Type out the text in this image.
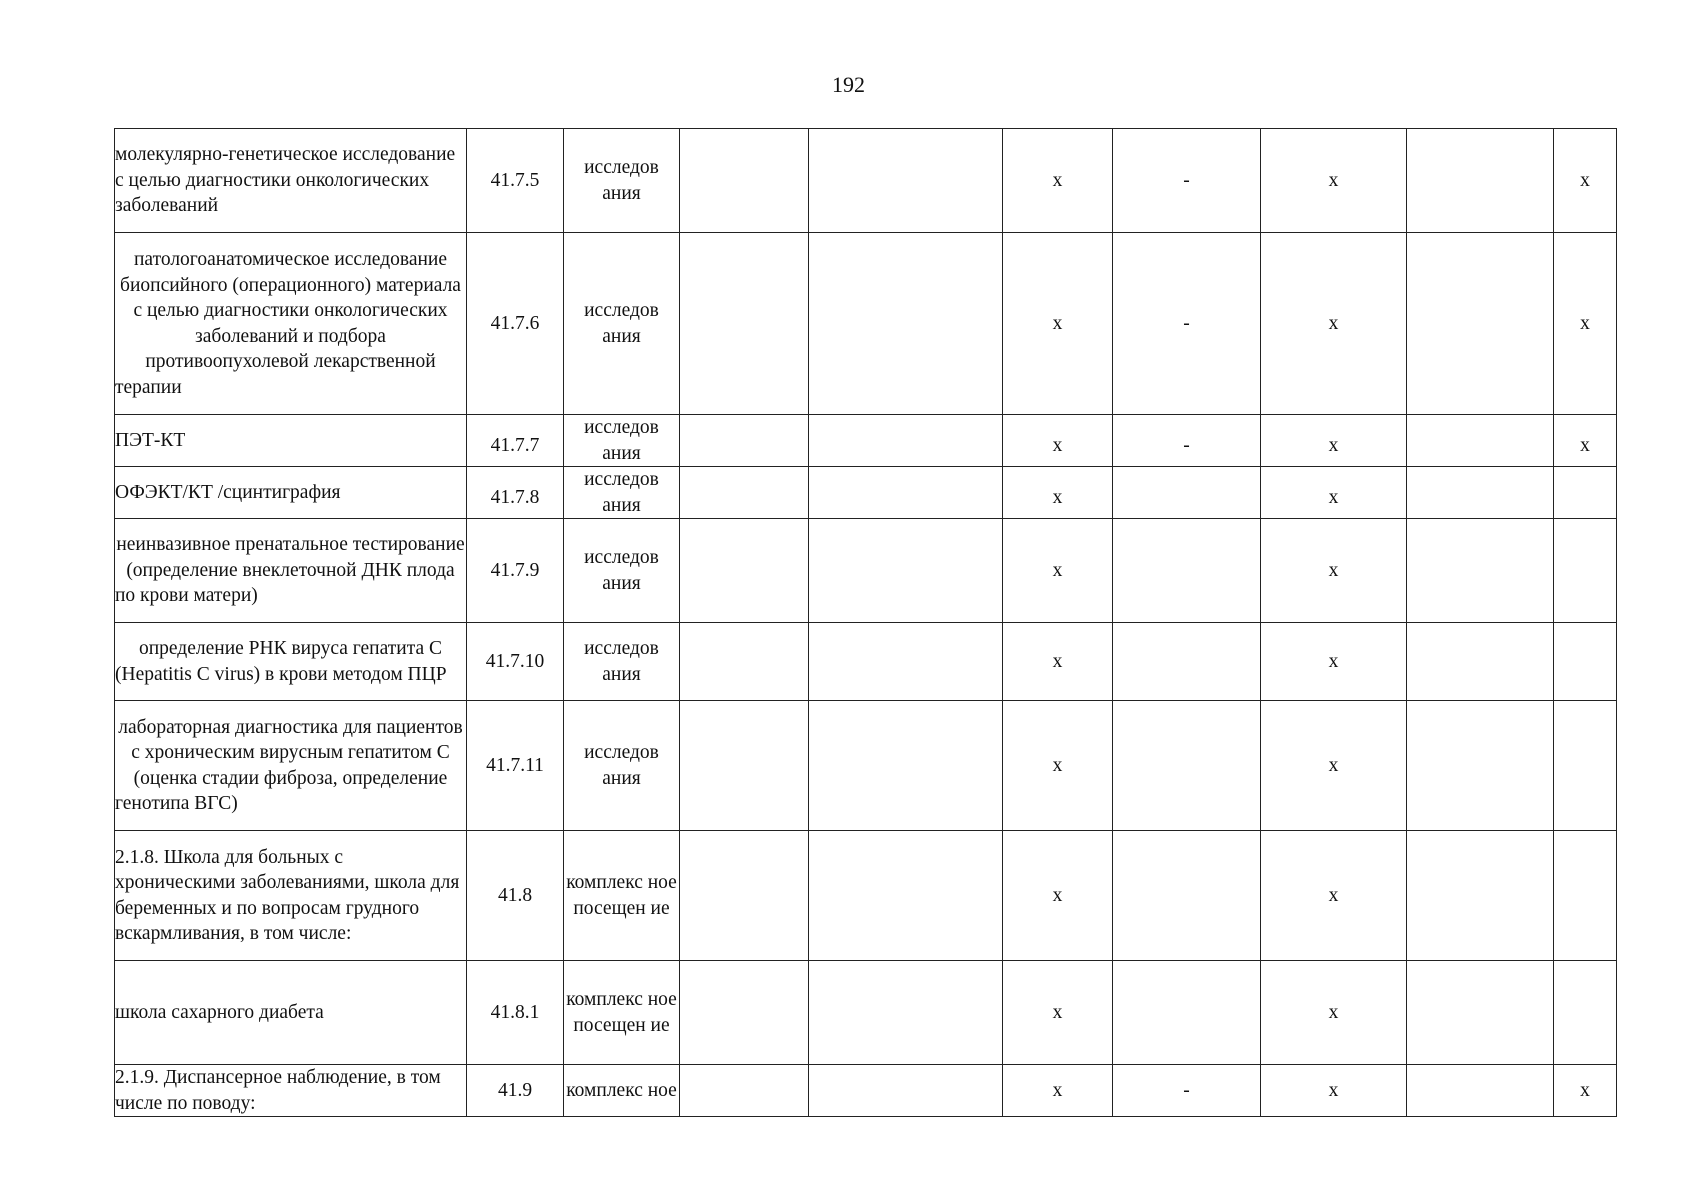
192
молекулярно-генетическое исследование с целью диагностики онкологических заболеваний	41.7.5	исследов ания			х	-	х		х
патологоанатомическое исследование биопсийного (операционного) материала с целью диагностики онкологических заболеваний и подбора противоопухолевой лекарственной терапии	41.7.6	исследов ания			х	-	х		х
ПЭТ-КТ	41.7.7	исследов ания			х	-	х		х
ОФЭКТ/КТ /сцинтиграфия	41.7.8	исследов ания			х		х		
неинвазивное пренатальное тестирование (определение внеклеточной ДНК плода по крови матери)	41.7.9	исследов ания			х		х		
определение РНК вируса гепатита С (Hepatitis C virus) в крови методом ПЦР	41.7.10	исследов ания			х		х		
лабораторная диагностика для пациентов с хроническим вирусным гепатитом С (оценка стадии фиброза, определение генотипа ВГС)	41.7.11	исследов ания			х		х		
2.1.8. Школа для больных с хроническими заболеваниями, школа для беременных и по вопросам грудного вскармливания, в том числе:	41.8	комплекс ное посещен ие			х		х		
школа сахарного диабета	41.8.1	комплекс ное посещен ие			х		х		
2.1.9. Диспансерное наблюдение, в том числе по поводу:	41.9	комплекс ное			х	-	х		х
